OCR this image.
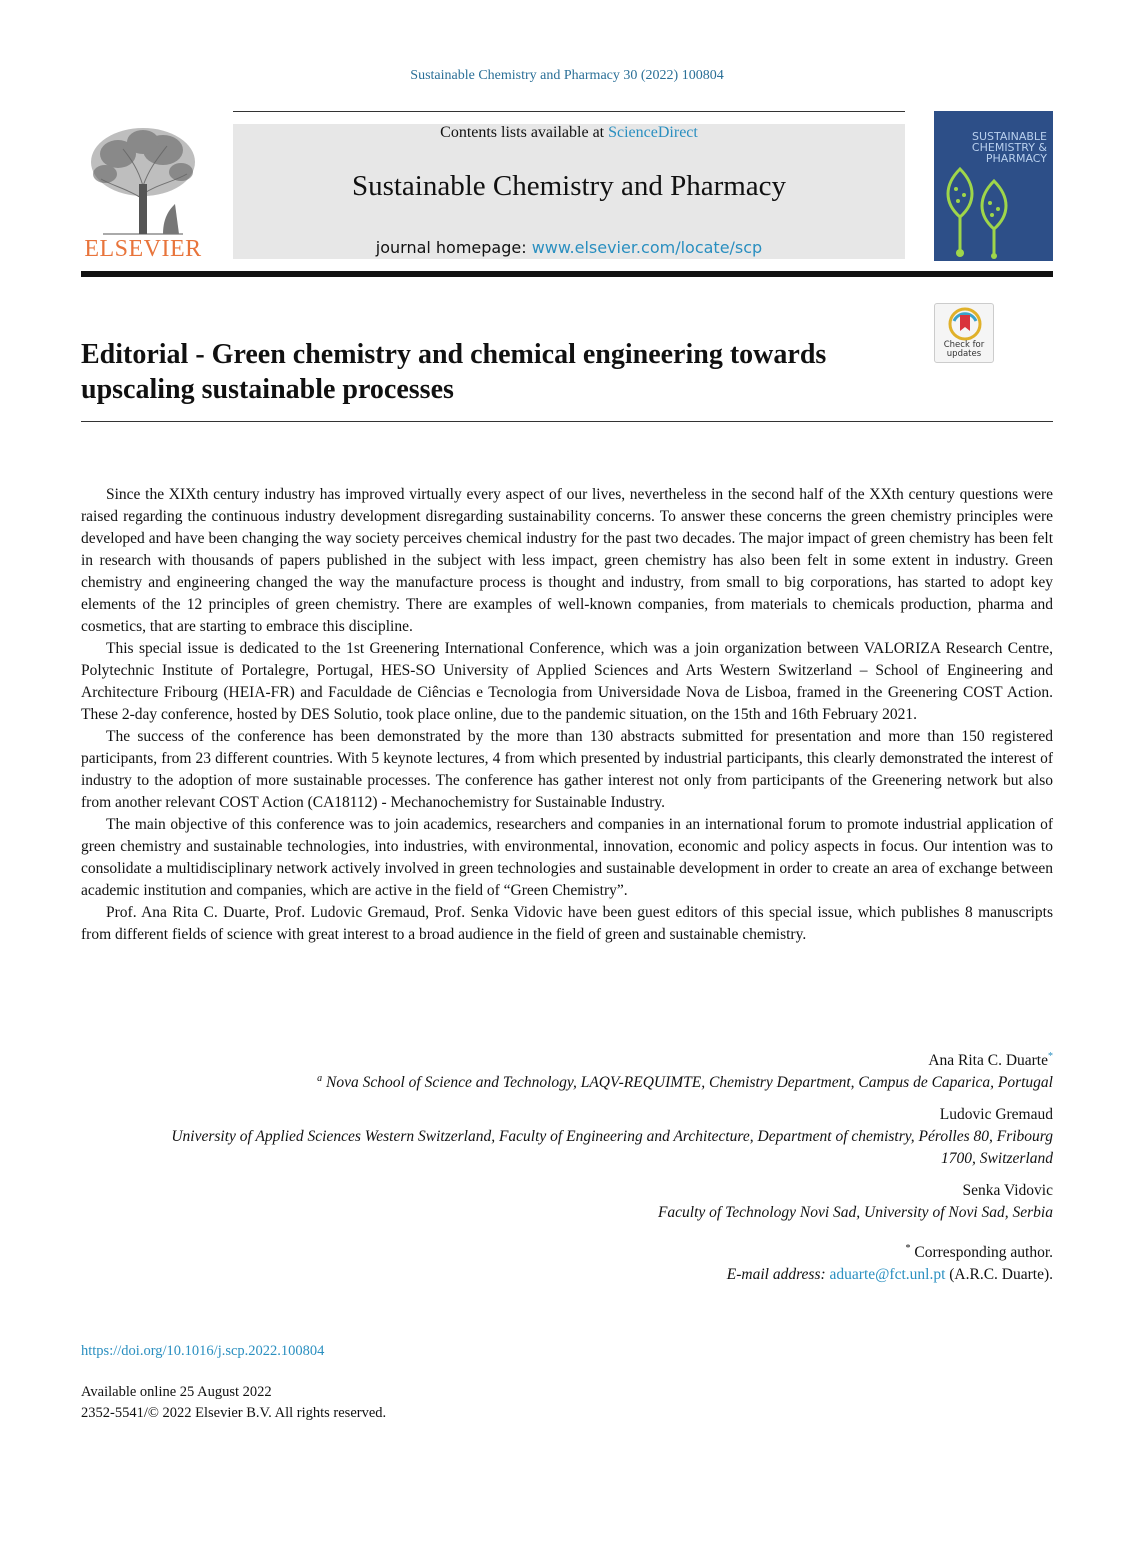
Sustainable Chemistry and Pharmacy 30 (2022) 100804
ELSEVIER
Contents lists available at ScienceDirect
Sustainable Chemistry and Pharmacy
journal homepage: www.elsevier.com/locate/scp
SUSTAINABLE
CHEMISTRY &
PHARMACY
Editorial - Green chemistry and chemical engineering towards upscaling sustainable processes
Check for
updates

Since the XIXth century industry has improved virtually every aspect of our lives, nevertheless in the second half of the XXth century questions were raised regarding the continuous industry development disregarding sustainability concerns. To answer these concerns the green chemistry principles were developed and have been changing the way society perceives chemical industry for the past two decades. The major impact of green chemistry has been felt in research with thousands of papers published in the subject with less impact, green chemistry has also been felt in some extent in industry. Green chemistry and engineering changed the way the manufacture process is thought and industry, from small to big corporations, has started to adopt key elements of the 12 principles of green chemistry. There are examples of well-known companies, from materials to chemicals production, pharma and cosmetics, that are starting to embrace this discipline.

This special issue is dedicated to the 1st Greenering International Conference, which was a join organization between VALORIZA Research Centre, Polytechnic Institute of Portalegre, Portugal, HES-SO University of Applied Sciences and Arts Western Switzerland – School of Engineering and Architecture Fribourg (HEIA-FR) and Faculdade de Ciências e Tecnologia from Universidade Nova de Lisboa, framed in the Greenering COST Action. These 2-day conference, hosted by DES Solutio, took place online, due to the pandemic situation, on the 15th and 16th February 2021.

The success of the conference has been demonstrated by the more than 130 abstracts submitted for presentation and more than 150 registered participants, from 23 different countries. With 5 keynote lectures, 4 from which presented by industrial participants, this clearly demonstrated the interest of industry to the adoption of more sustainable processes. The conference has gather interest not only from participants of the Greenering network but also from another relevant COST Action (CA18112) - Mechanochemistry for Sustainable Industry.

The main objective of this conference was to join academics, researchers and companies in an international forum to promote industrial application of green chemistry and sustainable technologies, into industries, with environmental, innovation, economic and policy aspects in focus. Our intention was to consolidate a multidisciplinary network actively involved in green technologies and sustainable development in order to create an area of exchange between academic institution and companies, which are active in the field of “Green Chemistry”.

Prof. Ana Rita C. Duarte, Prof. Ludovic Gremaud, Prof. Senka Vidovic have been guest editors of this special issue, which publishes 8 manuscripts from different fields of science with great interest to a broad audience in the field of green and sustainable chemistry.

Ana Rita C. Duarte*
$^a$ Nova School of Science and Technology, LAQV-REQUIMTE, Chemistry Department, Campus de Caparica, Portugal
Ludovic Gremaud
University of Applied Sciences Western Switzerland, Faculty of Engineering and Architecture, Department of chemistry, Pérolles 80, Fribourg
1700, Switzerland
Senka Vidovic
Faculty of Technology Novi Sad, University of Novi Sad, Serbia
* Corresponding author.
E-mail address: aduarte@fct.unl.pt (A.R.C. Duarte).
https://doi.org/10.1016/j.scp.2022.100804
Available online 25 August 2022
2352-5541/© 2022 Elsevier B.V. All rights reserved.
